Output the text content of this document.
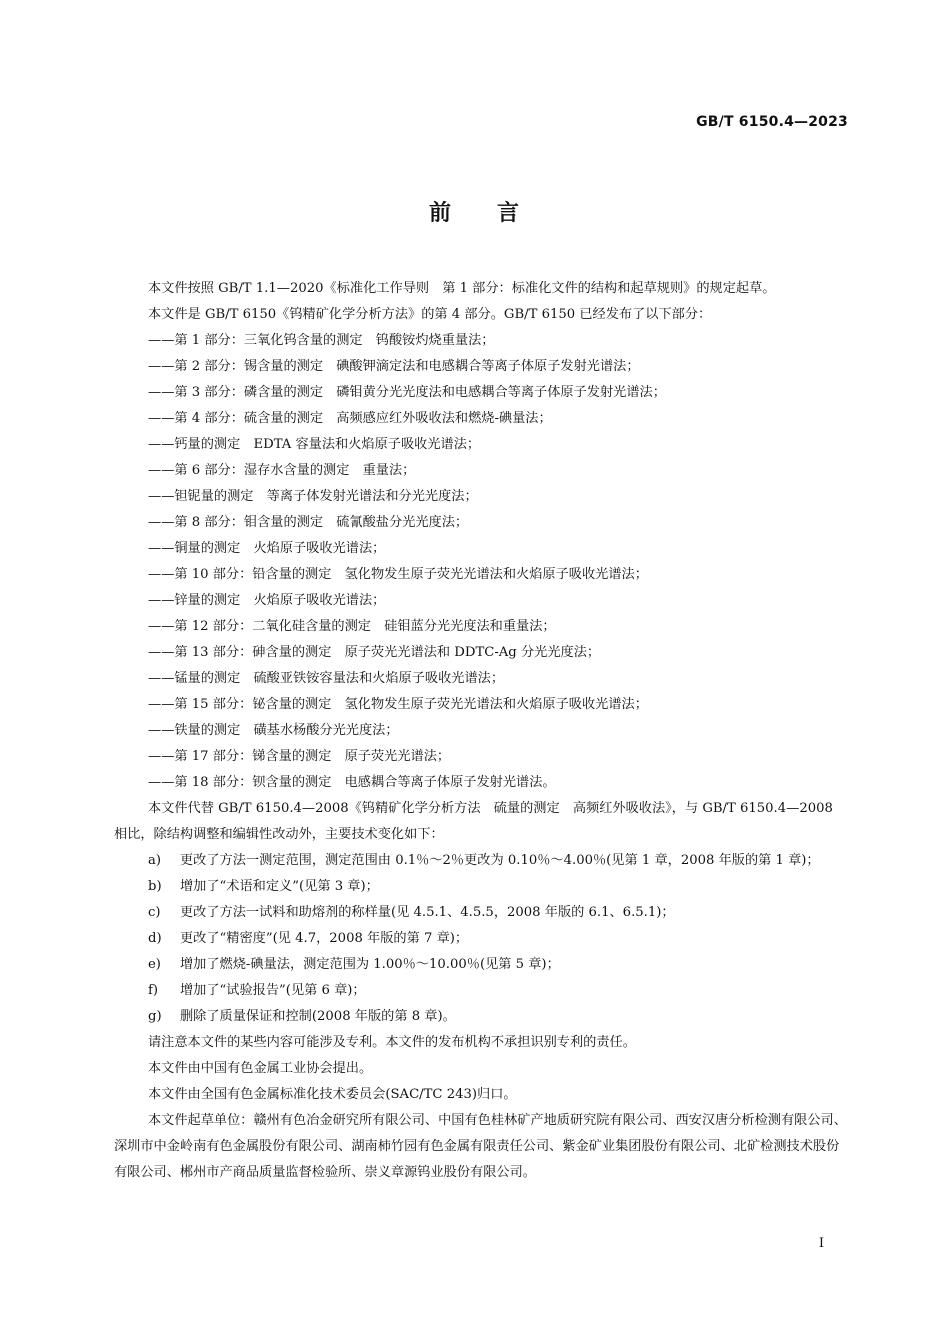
GB/T 6150.4—2023
前 言

本文件按照 GB/T 1.1—2020《标准化工作导则　第 1 部分：标准化文件的结构和起草规则》的规定起草。

本文件是 GB/T 6150《钨精矿化学分析方法》的第 4 部分。GB/T 6150 已经发布了以下部分：

——第 1 部分：三氧化钨含量的测定　钨酸铵灼烧重量法；

——第 2 部分：锡含量的测定　碘酸钾滴定法和电感耦合等离子体原子发射光谱法；

——第 3 部分：磷含量的测定　磷钼黄分光光度法和电感耦合等离子体原子发射光谱法；

——第 4 部分：硫含量的测定　高频感应红外吸收法和燃烧-碘量法；

——钙量的测定　EDTA 容量法和火焰原子吸收光谱法；

——第 6 部分：湿存水含量的测定　重量法；

——钽铌量的测定　等离子体发射光谱法和分光光度法；

——第 8 部分：钼含量的测定　硫氰酸盐分光光度法；

——铜量的测定　火焰原子吸收光谱法；

——第 10 部分：铅含量的测定　氢化物发生原子荧光光谱法和火焰原子吸收光谱法；

——锌量的测定　火焰原子吸收光谱法；

——第 12 部分：二氧化硅含量的测定　硅钼蓝分光光度法和重量法；

——第 13 部分：砷含量的测定　原子荧光光谱法和 DDTC-Ag 分光光度法；

——锰量的测定　硫酸亚铁铵容量法和火焰原子吸收光谱法；

——第 15 部分：铋含量的测定　氢化物发生原子荧光光谱法和火焰原子吸收光谱法；

——铁量的测定　磺基水杨酸分光光度法；

——第 17 部分：锑含量的测定　原子荧光光谱法；

——第 18 部分：钡含量的测定　电感耦合等离子体原子发射光谱法。

本文件代替 GB/T 6150.4—2008《钨精矿化学分析方法　硫量的测定　高频红外吸收法》，与 GB/T 6150.4—2008 相比，除结构调整和编辑性改动外，主要技术变化如下：

a) 更改了方法一测定范围，测定范围由 0.1％～2％更改为 0.10％～4.00％(见第 1 章，2008 年版的第 1 章)；

b) 增加了“术语和定义”(见第 3 章)；

c) 更改了方法一试料和助熔剂的称样量(见 4.5.1、4.5.5，2008 年版的 6.1、6.5.1)；

d) 更改了“精密度”(见 4.7，2008 年版的第 7 章)；

e) 增加了燃烧-碘量法，测定范围为 1.00％～10.00％(见第 5 章)；

f) 增加了“试验报告”(见第 6 章)；

g) 删除了质量保证和控制(2008 年版的第 8 章)。

请注意本文件的某些内容可能涉及专利。本文件的发布机构不承担识别专利的责任。

本文件由中国有色金属工业协会提出。

本文件由全国有色金属标准化技术委员会(SAC/TC 243)归口。

本文件起草单位：赣州有色冶金研究所有限公司、中国有色桂林矿产地质研究院有限公司、西安汉唐分析检测有限公司、深圳市中金岭南有色金属股份有限公司、湖南柿竹园有色金属有限责任公司、紫金矿业集团股份有限公司、北矿检测技术股份有限公司、郴州市产商品质量监督检验所、崇义章源钨业股份有限公司。

I
